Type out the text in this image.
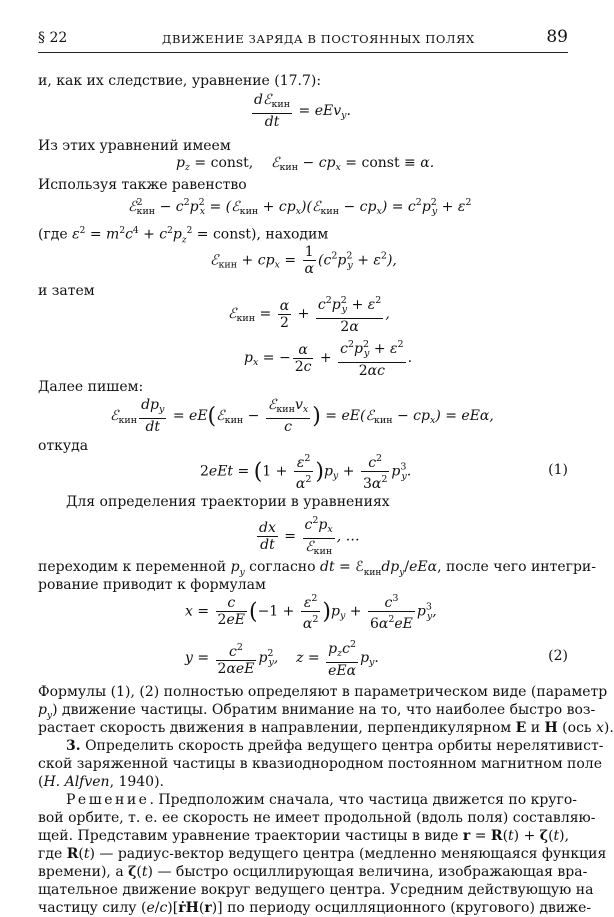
§ 22	ДВИЖЕНИЕ ЗАРЯДА В ПОСТОЯННЫХ ПОЛЯХ	89
и, как их следствие, уравнение (17.7):
$\frac{dℰ_{кин}}{dt} = eEv_y$.
Из этих уравнений имеем
$p_z$ = const,    ℰ$_{кин}$ − $cp_x$ = const ≡ α.
Используя также равенство
ℰ$^2_{кин}$ − $c^2p^2_x$ = (ℰ$_{кин}$ + $cp_x)(ℰ_{кин} - cp_x) = c^2p^2_y + \varepsilon^2$
(где $\varepsilon^2 = m^2c^4 + c^2p_z^2$ = const), находим
ℰ$_{кин}$ + $cp_x = \frac{1}{\alpha} (c^2p^2_y + \varepsilon^2)$,
и затем
ℰ$_{кин}$ = $\frac{\alpha}{2} + \frac{c^2p^2_y + \varepsilon^2}{2\alpha}$ ,
$p_x$ = − $\frac{\alpha}{2c} + \frac{c^2p^2_y + \varepsilon^2}{2\alpha c}$ .
Далее пишем:
ℰ$_{кин}$ $\frac{dp_y}{dt}$ = eE(ℰ$_{кин}$ − $\frac{ℰ_{кин}v_x}{c}$ ) = eE(ℰ$_{кин}$ − $cp_x) = eE\alpha$,
откуда
$2eEt = (1 + \frac{\varepsilon^2}{\alpha^2} )p_y + \frac{c^2}{3\alpha^2} p^3_y$.	(1)
Для определения траектории в уравнениях
$\frac{dx}{dt} = \frac{c^2p_x}{ℰ_{кин}}$ , …
переходим к переменной $p_y$ согласно dt = $ℰ_{кин}dp_y$/eEα, после чего интегри-
рование приводит к формулам
$x = \frac{c}{2eE} (-1 + \frac{\varepsilon^2}{\alpha^2} )p_y + \frac{c^3}{6\alpha^2eE} p^3_y$,
$y = \frac{c^2}{\text{2αeE}} p^2_y$,    $z = \frac{p_zc^2}{\text{eEα}} p_y$.	(2)
Формулы (1), (2) полностью определяют в параметрическом виде (параметр
$p_y$) движение частицы. Обратим внимание на то, что наиболее быстро воз-
растает скорость движения в направлении, перпендикулярном E и H (ось x).
3. Определить скорость дрейфа ведущего центра орбиты нерелятивист-
ской заряженной частицы в квазиоднородном постоянном магнитном поле
(H. Alfven, 1940).
Решение. Предположим сначала, что частица движется по круго-
вой орбите, т. е. ее скорость не имеет продольной (вдоль поля) составляю-
щей. Представим уравнение траектории частицы в виде r = R(t) + ζ(t),
где R(t) — радиус-вектор ведущего центра (медленно меняющаяся функция
времени), а ζ(t) — быстро осциллирующая величина, изображающая вра-
щательное движение вокруг ведущего центра. Усредним действующую на
частицу силу (e/c)[ṙH(r)] по периоду осцилляционного (кругового) движе-
